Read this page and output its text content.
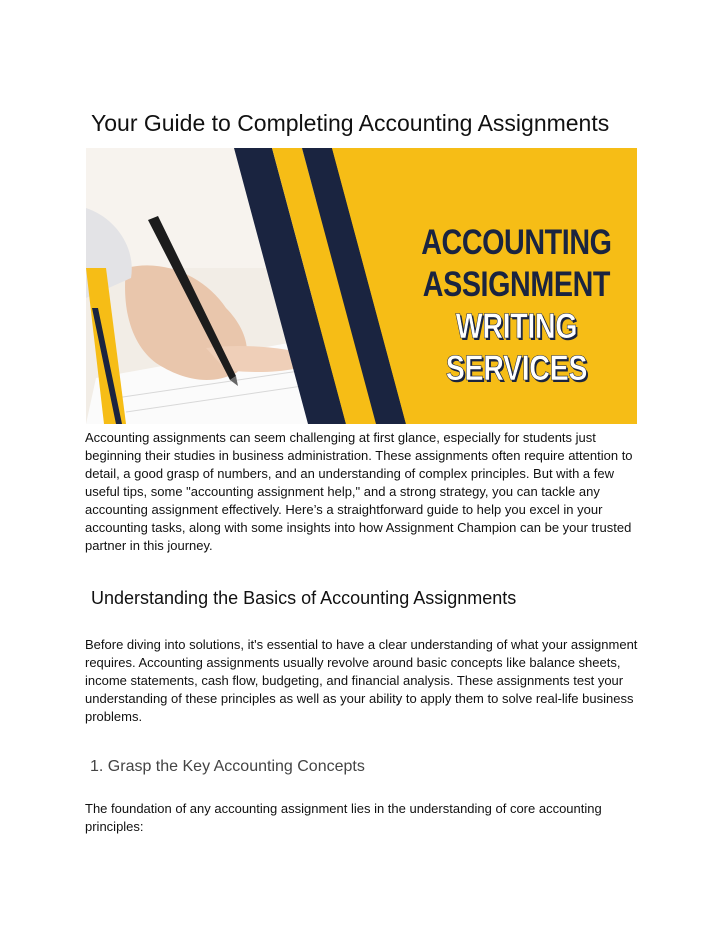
Your Guide to Completing Accounting Assignments
ACCOUNTING
ASSIGNMENT
WRITING SERVICES

Accounting assignments can seem challenging at first glance, especially for students just beginning their studies in business administration. These assignments often require attention to detail, a good grasp of numbers, and an understanding of complex principles. But with a few useful tips, some "accounting assignment help," and a strong strategy, you can tackle any accounting assignment effectively. Here’s a straightforward guide to help you excel in your accounting tasks, along with some insights into how Assignment Champion can be your trusted partner in this journey.

Understanding the Basics of Accounting Assignments

Before diving into solutions, it's essential to have a clear understanding of what your assignment requires. Accounting assignments usually revolve around basic concepts like balance sheets, income statements, cash flow, budgeting, and financial analysis. These assignments test your understanding of these principles as well as your ability to apply them to solve real-life business problems.

1. Grasp the Key Accounting Concepts

The foundation of any accounting assignment lies in the understanding of core accounting principles:
